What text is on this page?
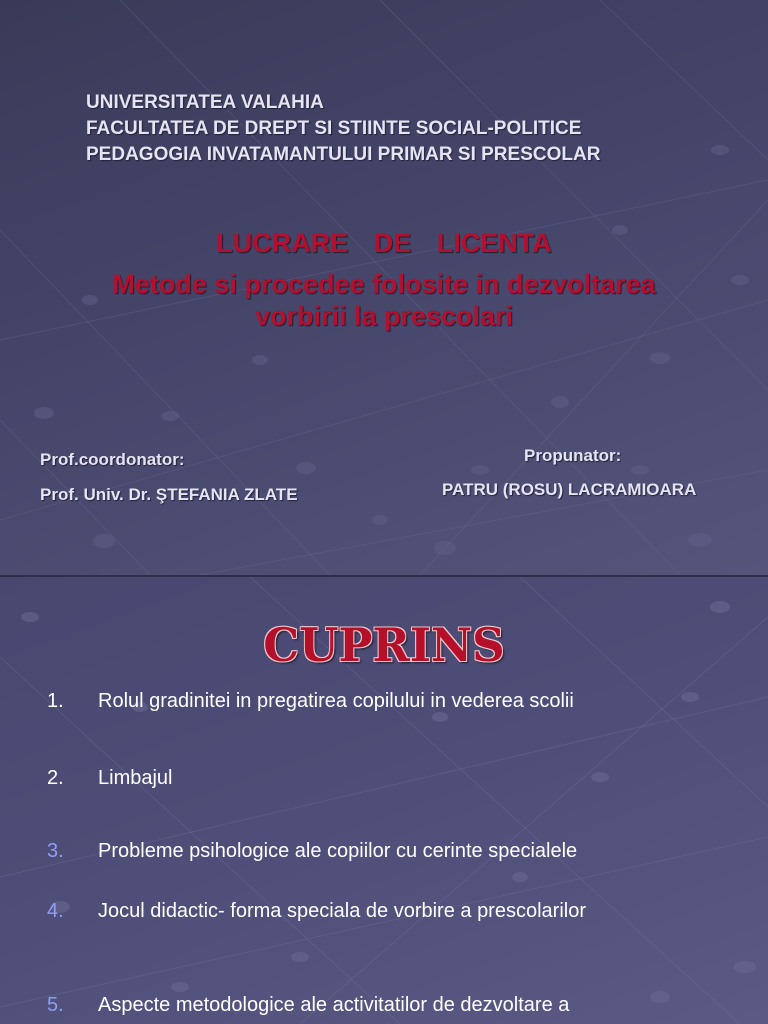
UNIVERSITATEA VALAHIA
FACULTATEA DE DREPT SI STIINTE SOCIAL-POLITICE
PEDAGOGIA INVATAMANTULUI PRIMAR SI PRESCOLAR
LUCRARE DE LICENTA
Metode si procedee folosite in dezvoltarea
vorbirii la prescolari
Prof.coordonator:
Prof. Univ. Dr. ŞTEFANIA ZLATE
Propunator:
PATRU (ROSU) LACRAMIOARA
CUPRINS
1. Rolul gradinitei in pregatirea copilului in vederea scolii
2. Limbajul
3. Probleme psihologice ale copiilor cu cerinte specialele
4. Jocul didactic- forma speciala de vorbire a prescolarilor
5. Aspecte metodologice ale activitatilor de dezvoltare a
